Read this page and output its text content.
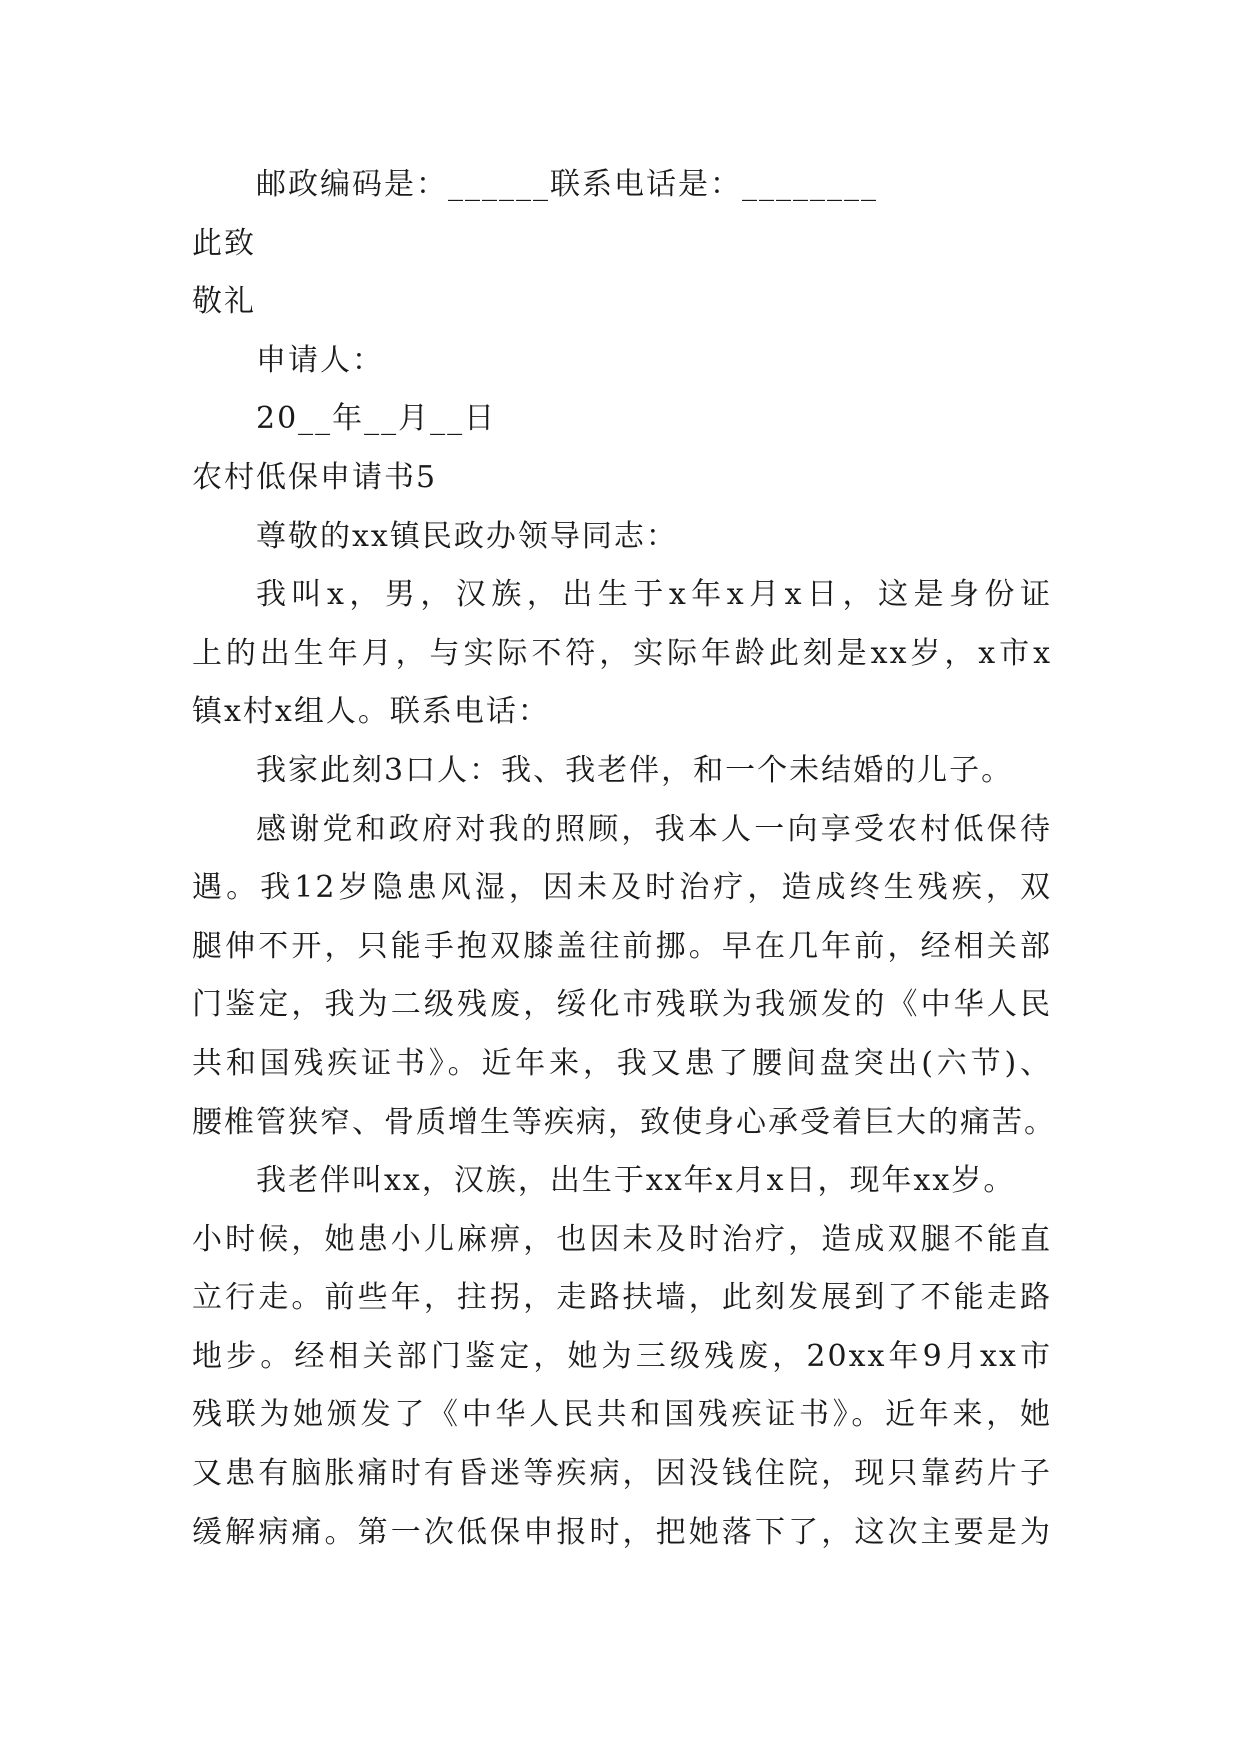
邮政编码是：______联系电话是：________
此致
敬礼
申请人：
20__年__月__日
农村低保申请书5
尊敬的xx镇民政办领导同志：
我叫x，男，汉族，出生于x年x月x日，这是身份证
上的出生年月，与实际不符，实际年龄此刻是xx岁，x市x
镇x村x组人。联系电话：
我家此刻3口人：我、我老伴，和一个未结婚的儿子。
感谢党和政府对我的照顾，我本人一向享受农村低保待
遇。我12岁隐患风湿，因未及时治疗，造成终生残疾，双
腿伸不开，只能手抱双膝盖往前挪。早在几年前，经相关部
门鉴定，我为二级残废，绥化市残联为我颁发的《中华人民
共和国残疾证书》。近年来，我又患了腰间盘突出(六节)、
腰椎管狭窄、骨质增生等疾病，致使身心承受着巨大的痛苦。
我老伴叫xx，汉族，出生于xx年x月x日，现年xx岁。
小时候，她患小儿麻痹，也因未及时治疗，造成双腿不能直
立行走。前些年，拄拐，走路扶墙，此刻发展到了不能走路
地步。经相关部门鉴定，她为三级残废，20xx年9月xx市
残联为她颁发了《中华人民共和国残疾证书》。近年来，她
又患有脑胀痛时有昏迷等疾病，因没钱住院，现只靠药片子
缓解病痛。第一次低保申报时，把她落下了，这次主要是为
